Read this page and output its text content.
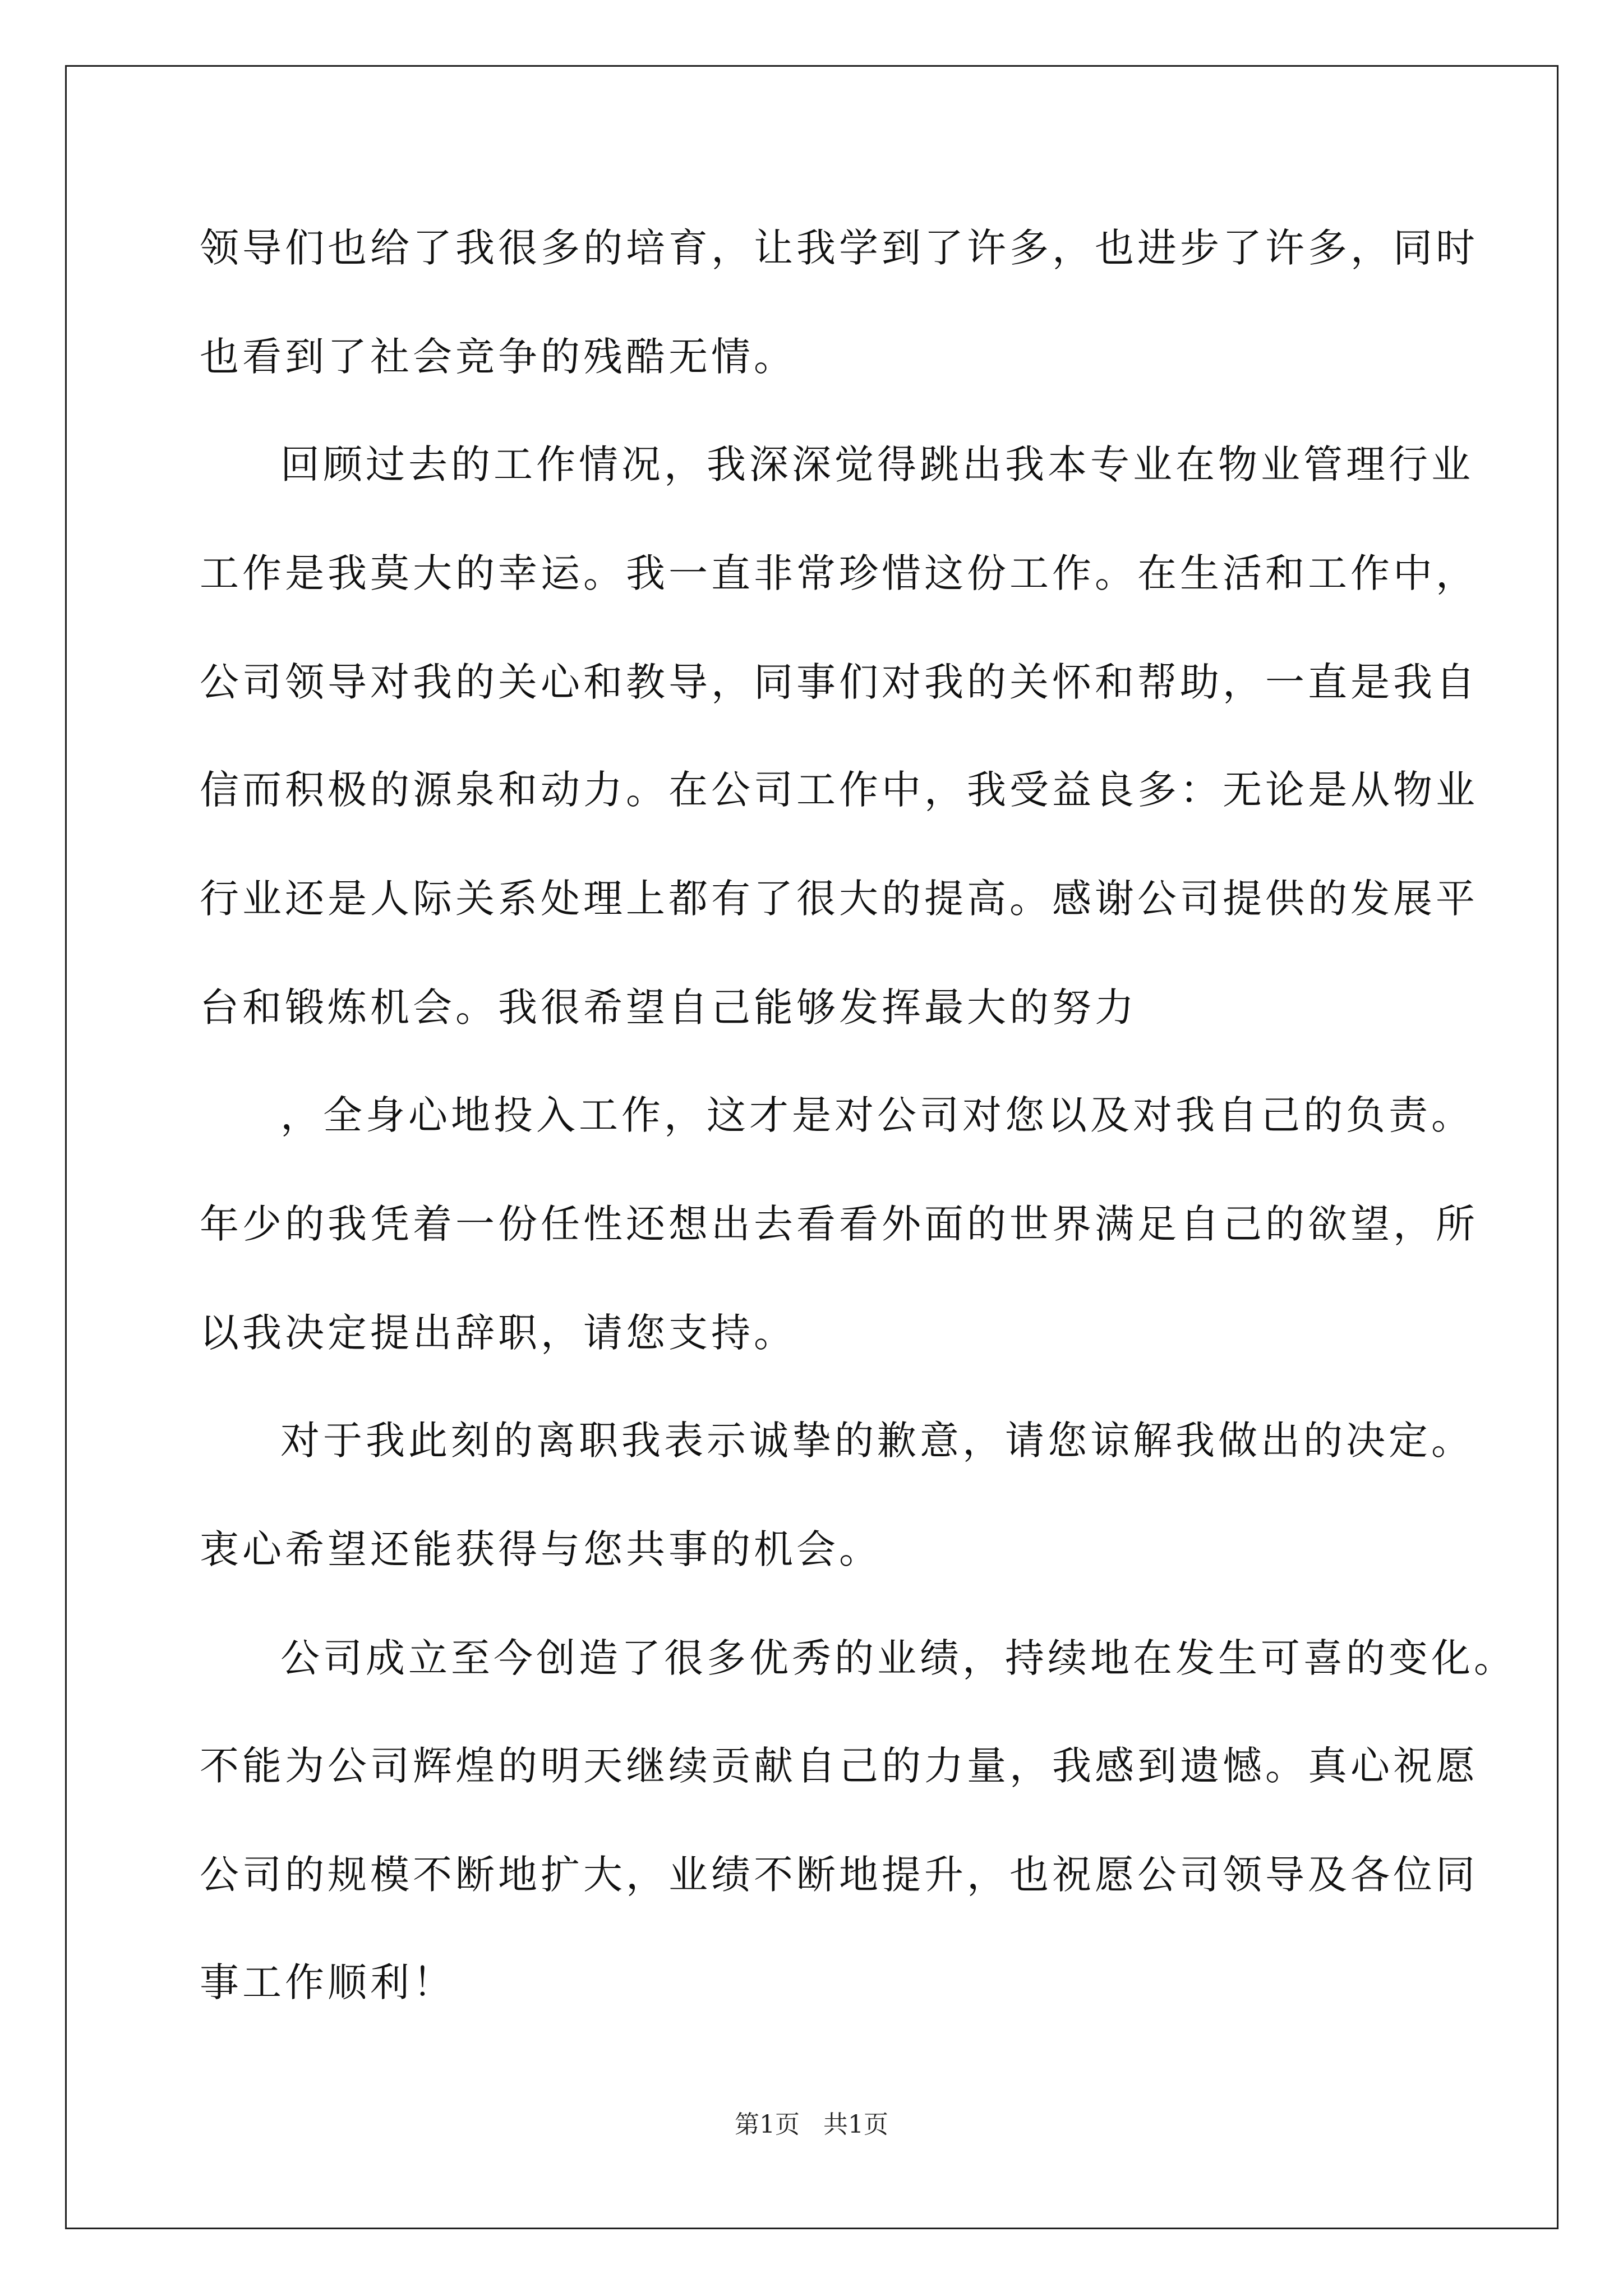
领导们也给了我很多的培育，让我学到了许多，也进步了许多，同时
也看到了社会竞争的残酷无情。
回顾过去的工作情况，我深深觉得跳出我本专业在物业管理行业
工作是我莫大的幸运。我一直非常珍惜这份工作。在生活和工作中，
公司领导对我的关心和教导，同事们对我的关怀和帮助，一直是我自
信而积极的源泉和动力。在公司工作中，我受益良多：无论是从物业
行业还是人际关系处理上都有了很大的提高。感谢公司提供的发展平
台和锻炼机会。我很希望自己能够发挥最大的努力
，全身心地投入工作，这才是对公司对您以及对我自己的负责。
年少的我凭着一份任性还想出去看看外面的世界满足自己的欲望，所
以我决定提出辞职，请您支持。
对于我此刻的离职我表示诚挚的歉意，请您谅解我做出的决定。
衷心希望还能获得与您共事的机会。
公司成立至今创造了很多优秀的业绩，持续地在发生可喜的变化。
不能为公司辉煌的明天继续贡献自己的力量，我感到遗憾。真心祝愿
公司的规模不断地扩大，业绩不断地提升，也祝愿公司领导及各位同
事工作顺利！
第1页 共1页
